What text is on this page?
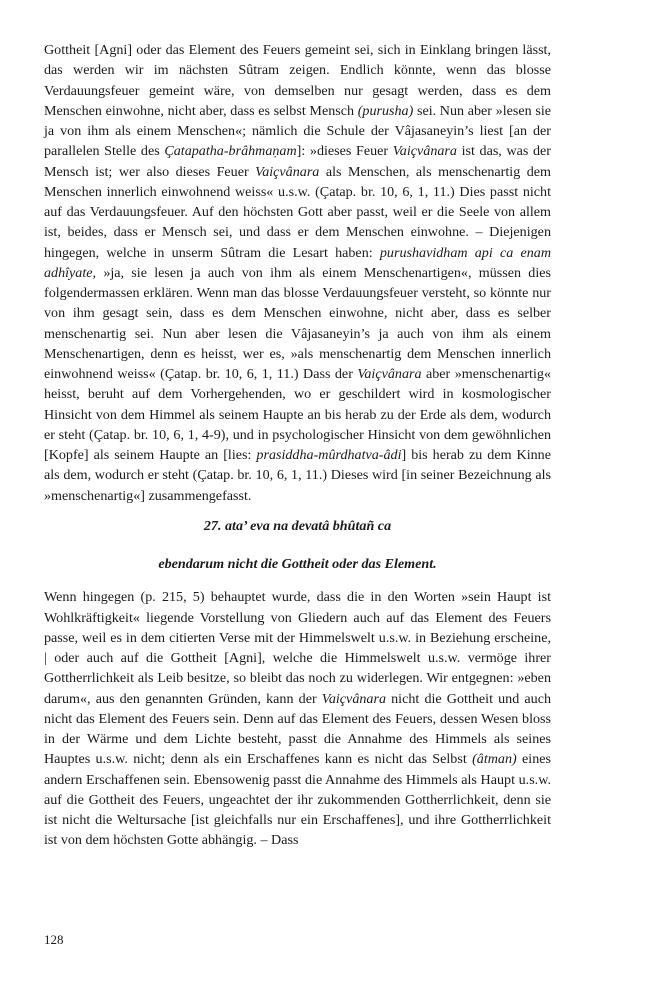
Gottheit [Agni] oder das Element des Feuers gemeint sei, sich in Einklang bringen lässt, das werden wir im nächsten Sûtram zeigen. Endlich könnte, wenn das blosse Verdauungsfeuer gemeint wäre, von demselben nur gesagt werden, dass es dem Menschen einwohne, nicht aber, dass es selbst Mensch (purusha) sei. Nun aber »lesen sie ja von ihm als einem Menschen«; nämlich die Schule der Vâjasaneyin’s liest [an der parallelen Stelle des Çatapatha-brâhmaṇam]: »dieses Feuer Vaiçvânara ist das, was der Mensch ist; wer also dieses Feuer Vaiçvânara als Menschen, als menschenartig dem Menschen innerlich einwohnend weiss« u.s.w. (Çatap. br. 10, 6, 1, 11.) Dies passt nicht auf das Verdauungsfeuer. Auf den höchsten Gott aber passt, weil er die Seele von allem ist, beides, dass er Mensch sei, und dass er dem Menschen einwohne. – Diejenigen hingegen, welche in unserm Sûtram die Lesart haben: purushavidham api ca enam adhîyate, »ja, sie lesen ja auch von ihm als einem Menschenartigen«, müssen dies folgendermassen erklären. Wenn man das blosse Verdauungsfeuer versteht, so könnte nur von ihm gesagt sein, dass es dem Menschen einwohne, nicht aber, dass es selber menschenartig sei. Nun aber lesen die Vâjasaneyin’s ja auch von ihm als einem Menschenartigen, denn es heisst, wer es, »als menschenartig dem Menschen innerlich einwohnend weiss« (Çatap. br. 10, 6, 1, 11.) Dass der Vaiçvânara aber »menschenartig« heisst, beruht auf dem Vorhergehenden, wo er geschildert wird in kosmologischer Hinsicht von dem Himmel als seinem Haupte an bis herab zu der Erde als dem, wodurch er steht (Çatap. br. 10, 6, 1, 4-9), und in psychologischer Hinsicht von dem gewöhnlichen [Kopfe] als seinem Haupte an [lies: prasiddha-mûrdhatva-âdi] bis herab zu dem Kinne als dem, wodurch er steht (Çatap. br. 10, 6, 1, 11.) Dieses wird [in seiner Bezeichnung als »menschenartig«] zusammengefasst.

27. ata’ eva na devatâ bhûtañ ca

ebendarum nicht die Gottheit oder das Element.

Wenn hingegen (p. 215, 5) behauptet wurde, dass die in den Worten »sein Haupt ist Wohlkräftigkeit« liegende Vorstellung von Gliedern auch auf das Element des Feuers passe, weil es in dem citierten Verse mit der Himmelswelt u.s.w. in Beziehung erscheine, | oder auch auf die Gottheit [Agni], welche die Himmelswelt u.s.w. vermöge ihrer Gottherrlichkeit als Leib besitze, so bleibt das noch zu widerlegen. Wir entgegnen: »eben darum«, aus den genannten Gründen, kann der Vaiçvânara nicht die Gottheit und auch nicht das Element des Feuers sein. Denn auf das Element des Feuers, dessen Wesen bloss in der Wärme und dem Lichte besteht, passt die Annahme des Himmels als seines Hauptes u.s.w. nicht; denn als ein Erschaffenes kann es nicht das Selbst (âtman) eines andern Erschaffenen sein. Ebensowenig passt die Annahme des Himmels als Haupt u.s.w. auf die Gottheit des Feuers, ungeachtet der ihr zukommenden Gottherrlichkeit, denn sie ist nicht die Weltursache [ist gleichfalls nur ein Erschaffenes], und ihre Gottherrlichkeit ist von dem höchsten Gotte abhängig. – Dass

128
